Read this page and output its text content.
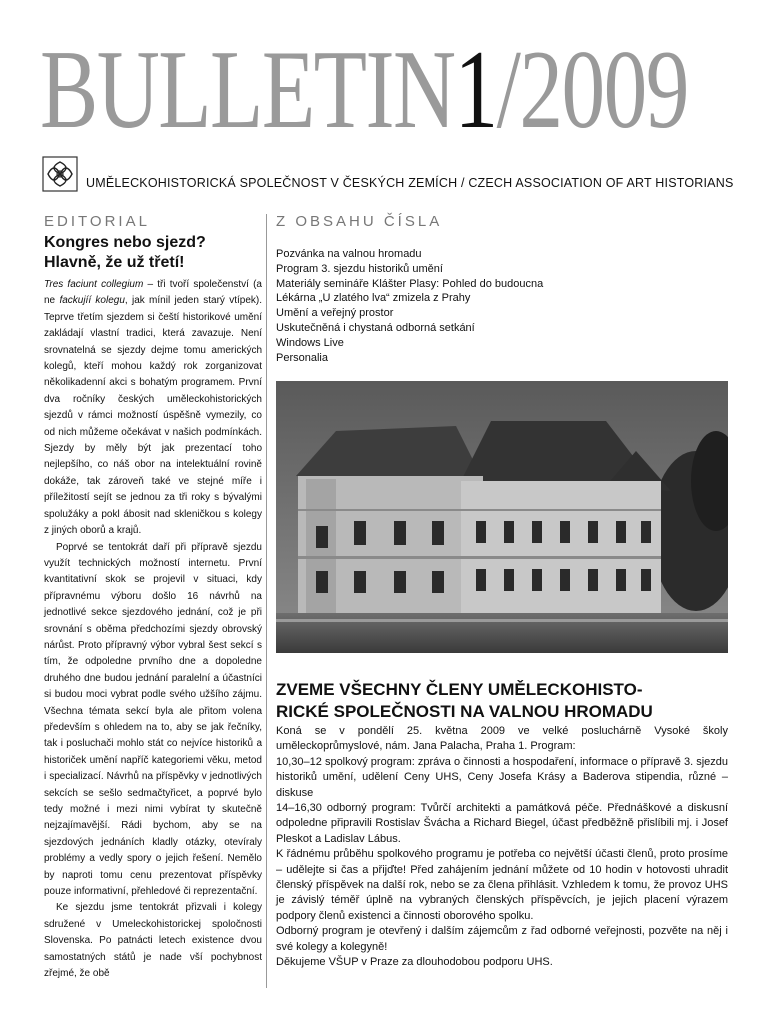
BULLETIN1/2009
UMĚLECKOHISTORICKÁ SPOLEČNOST V ČESKÝCH ZEMÍCH / CZECH ASSOCIATION OF ART HISTORIANS
EDITORIAL
Kongres nebo sjezd?
Hlavně, že už třetí!

Tres faciunt collegium – tři tvoří společenství (a ne fackujíí kolegu, jak mínil jeden starý vtípek). Teprve třetím sjezdem si čeští historikové umění zakládají vlastní tradici, která zavazuje. Není srovnatelná se sjezdy dejme tomu amerických kolegů, kteří mohou každý rok zorganizovat několikadenní akci s bohatým programem. První dva ročníky českých uměleckohistorických sjezdů v rámci možností úspěšně vymezily, co od nich můžeme očekávat v našich podmínkách. Sjezdy by měly být jak prezentací toho nejlepšího, co náš obor na intelektuální rovině dokáže, tak zároveň také ve stejné míře i příležitostí sejít se jednou za tři roky s bývalými spolužáky a pokl ábosit nad skleničkou s kolegy z jiných oborů a krajů.

Poprvé se tentokrát daří při přípravě sjezdu využít technických možností internetu. První kvantitativní skok se projevil v situaci, kdy přípravnému výboru došlo 16 návrhů na jednotlivé sekce sjezdového jednání, což je při srovnání s oběma předchozími sjezdy obrovský nárůst. Proto přípravný výbor vybral šest sekcí s tím, že odpoledne prvního dne a dopoledne druhého dne budou jednání paralelní a účastníci si budou moci vybrat podle svého užšího zájmu. Všechna témata sekcí byla ale přitom volena především s ohledem na to, aby se jak řečníky, tak i posluchači mohlo stát co nejvíce historiků a historiček umění napříč kategoriemi věku, metod i specializací. Návrhů na příspěvky v jednotlivých sekcích se sešlo sedmačtyřicet, a poprvé bylo tedy možné i mezi nimi vybírat ty skutečně nejzajímavější. Rádi bychom, aby se na sjezdových jednáních kladly otázky, otevíraly problémy a vedly spory o jejich řešení. Nemělo by naproti tomu cenu prezentovat příspěvky pouze informativní, přehledové či reprezentační.

Ke sjezdu jsme tentokrát přizvali i kolegy sdružené v Umeleckohistorickej spoločnosti Slovenska. Po patnácti letech existence dvou samostatných států je nade vší pochybnost zřejmé, že obě

Z OBSAHU ČÍSLA
Pozvánka na valnou hromadu
Program 3. sjezdu historiků umění
Materiály semináře Klášter Plasy: Pohled do budoucna
Lékárna „U zlatého lva“ zmizela z Prahy
Umění a veřejný prostor
Uskutečněná i chystaná odborná setkání
Windows Live
Personalia
ZVEME VŠECHNY ČLENY UMĚLECKOHISTO-
RICKÉ SPOLEČNOSTI NA VALNOU HROMADU

Koná se v pondělí 25. května 2009 ve velké posluchárně Vysoké školy uměleckoprůmyslové, nám. Jana Palacha, Praha 1. Program:

10,30–12 spolkový program: zpráva o činnosti a hospodaření, informace o přípravě 3. sjezdu historiků umění, udělení Ceny UHS, Ceny Josefa Krásy a Baderova stipendia, různé – diskuse

14–16,30 odborný program: Tvůrčí architekti a památková péče. Přednáškové a diskusní odpoledne připravili Rostislav Švácha a Richard Biegel, účast předběžně přislíbili mj. i Josef Pleskot a Ladislav Lábus.

K řádnému průběhu spolkového programu je potřeba co největší účasti členů, proto prosíme – udělejte si čas a přijďte! Před zahájením jednání můžete od 10 hodin v hotovosti uhradit členský příspěvek na další rok, nebo se za člena přihlásit. Vzhledem k tomu, že provoz UHS je závislý téměř úplně na vybraných členských příspěvcích, je jejich placení výrazem podpory členů existenci a činnosti oborového spolku.

Odborný program je otevřený i dalším zájemcům z řad odborné veřejnosti, pozvěte na něj i své kolegy a kolegyně!

Děkujeme VŠUP v Praze za dlouhodobou podporu UHS.
